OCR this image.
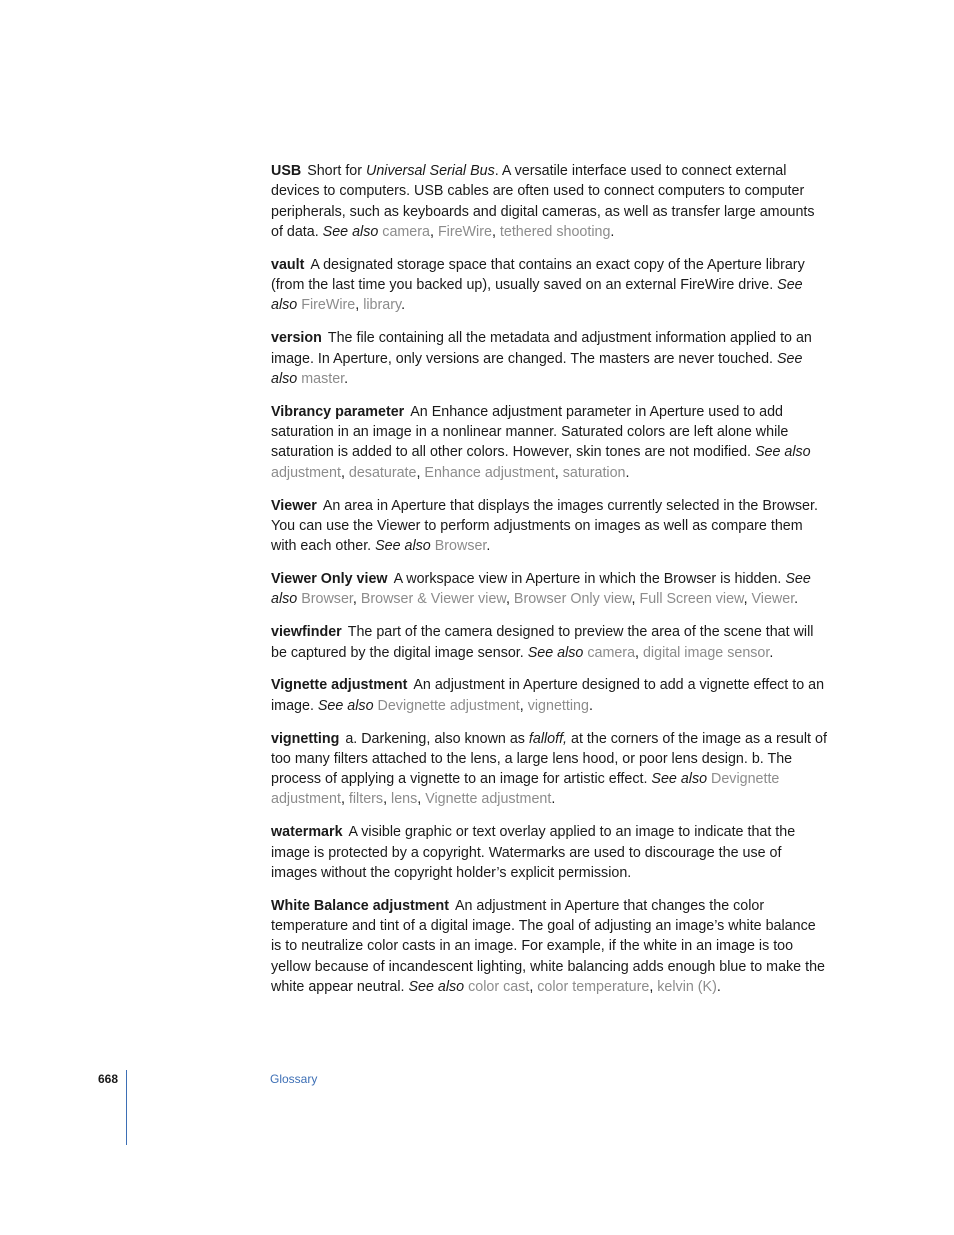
USB Short for Universal Serial Bus. A versatile interface used to connect external devices to computers. USB cables are often used to connect computers to computer peripherals, such as keyboards and digital cameras, as well as transfer large amounts of data. See also camera, FireWire, tethered shooting.

vault A designated storage space that contains an exact copy of the Aperture library (from the last time you backed up), usually saved on an external FireWire drive. See also FireWire, library.

version The file containing all the metadata and adjustment information applied to an image. In Aperture, only versions are changed. The masters are never touched. See also master.

Vibrancy parameter An Enhance adjustment parameter in Aperture used to add saturation in an image in a nonlinear manner. Saturated colors are left alone while saturation is added to all other colors. However, skin tones are not modified. See also adjustment, desaturate, Enhance adjustment, saturation.

Viewer An area in Aperture that displays the images currently selected in the Browser. You can use the Viewer to perform adjustments on images as well as compare them with each other. See also Browser.

Viewer Only view A workspace view in Aperture in which the Browser is hidden. See also Browser, Browser & Viewer view, Browser Only view, Full Screen view, Viewer.

viewfinder The part of the camera designed to preview the area of the scene that will be captured by the digital image sensor. See also camera, digital image sensor.

Vignette adjustment An adjustment in Aperture designed to add a vignette effect to an image. See also Devignette adjustment, vignetting.

vignetting a. Darkening, also known as falloff, at the corners of the image as a result of too many filters attached to the lens, a large lens hood, or poor lens design. b. The process of applying a vignette to an image for artistic effect. See also Devignette adjustment, filters, lens, Vignette adjustment.

watermark A visible graphic or text overlay applied to an image to indicate that the image is protected by a copyright. Watermarks are used to discourage the use of images without the copyright holder’s explicit permission.

White Balance adjustment An adjustment in Aperture that changes the color temperature and tint of a digital image. The goal of adjusting an image’s white balance is to neutralize color casts in an image. For example, if the white in an image is too yellow because of incandescent lighting, white balancing adds enough blue to make the white appear neutral. See also color cast, color temperature, kelvin (K).

668	Glossary
